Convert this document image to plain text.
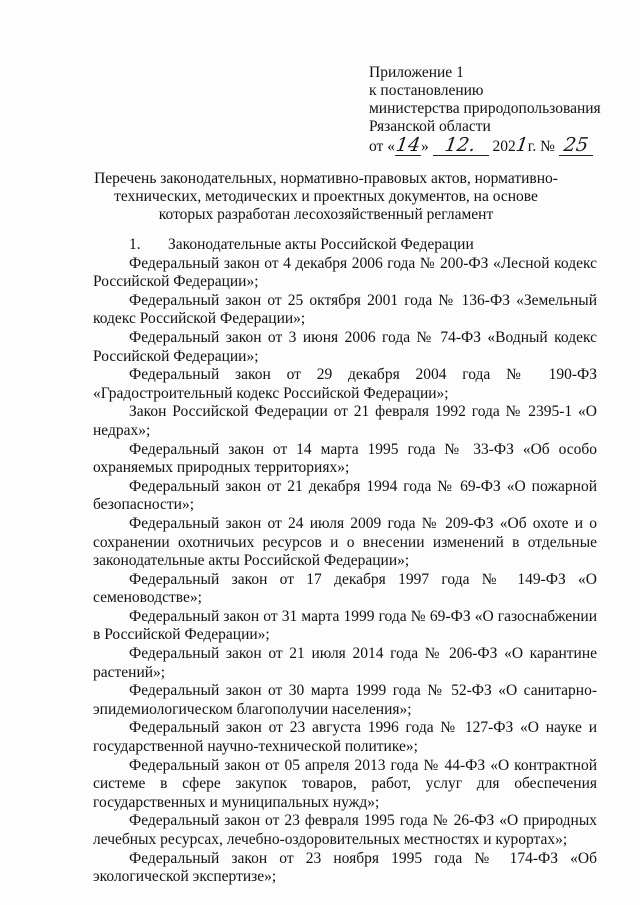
Приложение 1
к постановлению
министерства природопользования
Рязанской области
от «14» 12. 2021г. № 25
Перечень законодательных, нормативно-правовых актов, нормативно-технических, методических и проектных документов, на основе которых разработан лесохозяйственный регламент

1. Законодательные акты Российской Федерации

Федеральный закон от 4 декабря 2006 года № 200-ФЗ «Лесной кодекс Российской Федерации»;

Федеральный закон от 25 октября 2001 года № 136-ФЗ «Земельный кодекс Российской Федерации»;

Федеральный закон от 3 июня 2006 года № 74-ФЗ «Водный кодекс Российской Федерации»;

Федеральный закон от 29 декабря 2004 года № 190-ФЗ «Градостроительный кодекс Российской Федерации»;

Закон Российской Федерации от 21 февраля 1992 года № 2395-1 «О недрах»;

Федеральный закон от 14 марта 1995 года № 33-ФЗ «Об особо охраняемых природных территориях»;

Федеральный закон от 21 декабря 1994 года № 69-ФЗ «О пожарной безопасности»;

Федеральный закон от 24 июля 2009 года № 209-ФЗ «Об охоте и о сохранении охотничьих ресурсов и о внесении изменений в отдельные законодательные акты Российской Федерации»;

Федеральный закон от 17 декабря 1997 года № 149-ФЗ «О семеноводстве»;

Федеральный закон от 31 марта 1999 года № 69-ФЗ «О газоснабжении в Российской Федерации»;

Федеральный закон от 21 июля 2014 года № 206-ФЗ «О карантине растений»;

Федеральный закон от 30 марта 1999 года № 52-ФЗ «О санитарно-эпидемиологическом благополучии населения»;

Федеральный закон от 23 августа 1996 года № 127-ФЗ «О науке и государственной научно-технической политике»;

Федеральный закон от 05 апреля 2013 года № 44-ФЗ «О контрактной системе в сфере закупок товаров, работ, услуг для обеспечения государственных и муниципальных нужд»;

Федеральный закон от 23 февраля 1995 года № 26-ФЗ «О природных лечебных ресурсах, лечебно-оздоровительных местностях и курортах»;

Федеральный закон от 23 ноября 1995 года № 174-ФЗ «Об экологической экспертизе»;
